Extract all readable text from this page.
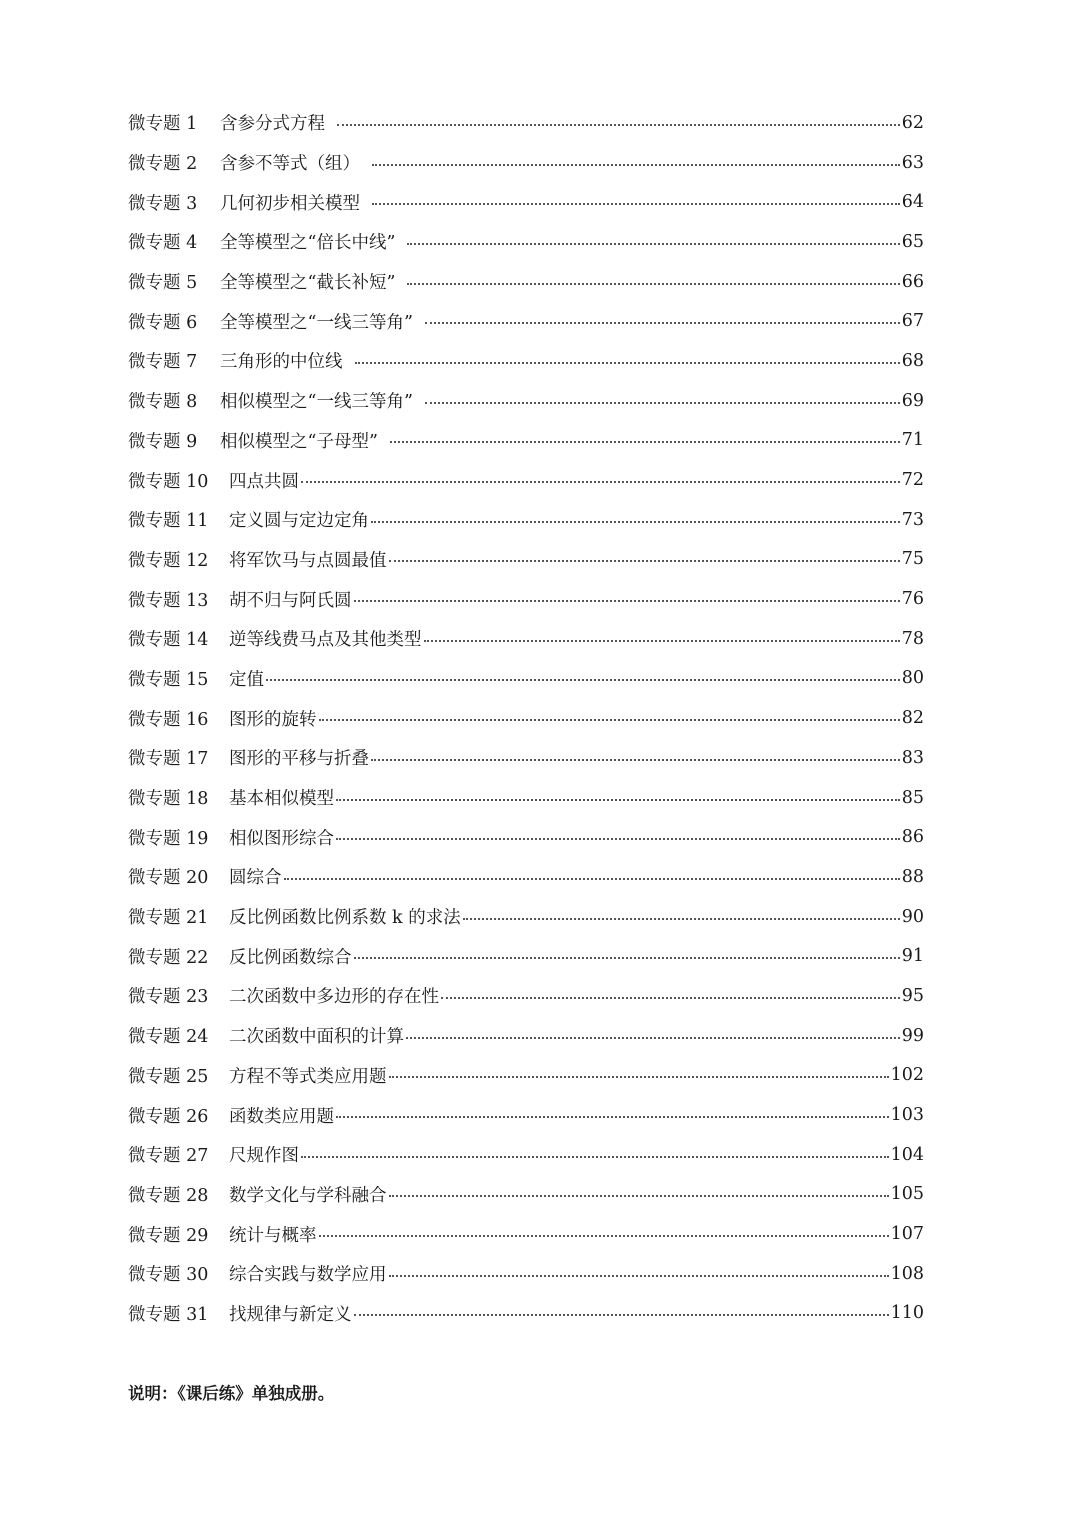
微专题 1	含参分式方程	62
微专题 2	含参不等式（组）	63
微专题 3	几何初步相关模型	64
微专题 4	全等模型之“倍长中线”	65
微专题 5	全等模型之“截长补短”	66
微专题 6	全等模型之“一线三等角”	67
微专题 7	三角形的中位线	68
微专题 8	相似模型之“一线三等角”	69
微专题 9	相似模型之“子母型”	71
微专题 10	四点共圆	72
微专题 11	定义圆与定边定角	73
微专题 12	将军饮马与点圆最值	75
微专题 13	胡不归与阿氏圆	76
微专题 14	逆等线费马点及其他类型	78
微专题 15	定值	80
微专题 16	图形的旋转	82
微专题 17	图形的平移与折叠	83
微专题 18	基本相似模型	85
微专题 19	相似图形综合	86
微专题 20	圆综合	88
微专题 21	反比例函数比例系数 k 的求法	90
微专题 22	反比例函数综合	91
微专题 23	二次函数中多边形的存在性	95
微专题 24	二次函数中面积的计算	99
微专题 25	方程不等式类应用题	102
微专题 26	函数类应用题	103
微专题 27	尺规作图	104
微专题 28	数学文化与学科融合	105
微专题 29	统计与概率	107
微专题 30	综合实践与数学应用	108
微专题 31	找规律与新定义	110
说明：《课后练》单独成册。
